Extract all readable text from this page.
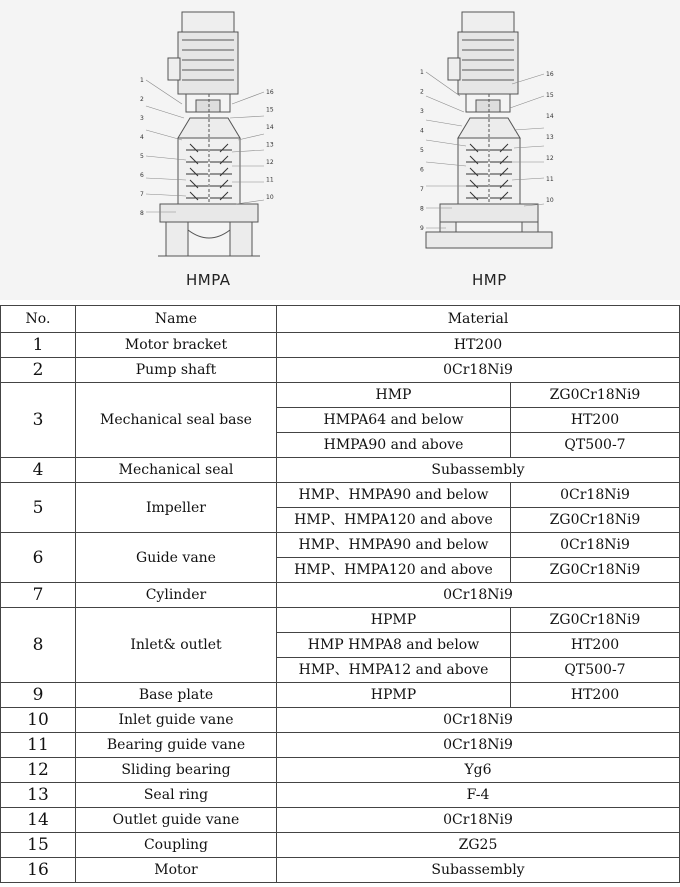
1
2
3
4
5
6
7
8
16
15
14
13
12
11
10
1
2
3
4
5
6
7
8
9
16
15
14
13
12
11
10
HMPA	HMP
No.	Name	Material	
1	Motor bracket	HT200	
2	Pump shaft	0Cr18Ni9	
3	Mechanical seal base	HMP	ZG0Cr18Ni9
		HMPA64 and below	HT200
		HMPA90 and above	QT500-7
4	Mechanical seal	Subassembly	
5	Impeller	HMP、HMPA90 and below	0Cr18Ni9
		HMP、HMPA120 and above	ZG0Cr18Ni9
6	Guide vane	HMP、HMPA90 and below	0Cr18Ni9
		HMP、HMPA120 and above	ZG0Cr18Ni9
7	Cylinder	0Cr18Ni9	
8	Inlet& outlet	HPMP	ZG0Cr18Ni9
		HMP HMPA8 and below	HT200
		HMP、HMPA12 and above	QT500-7
9	Base plate	HPMP	HT200
10	Inlet guide vane	0Cr18Ni9	
11	Bearing guide vane	0Cr18Ni9	
12	Sliding bearing	Yg6	
13	Seal ring	F-4	
14	Outlet guide vane	0Cr18Ni9	
15	Coupling	ZG25	
16	Motor	Subassembly	
